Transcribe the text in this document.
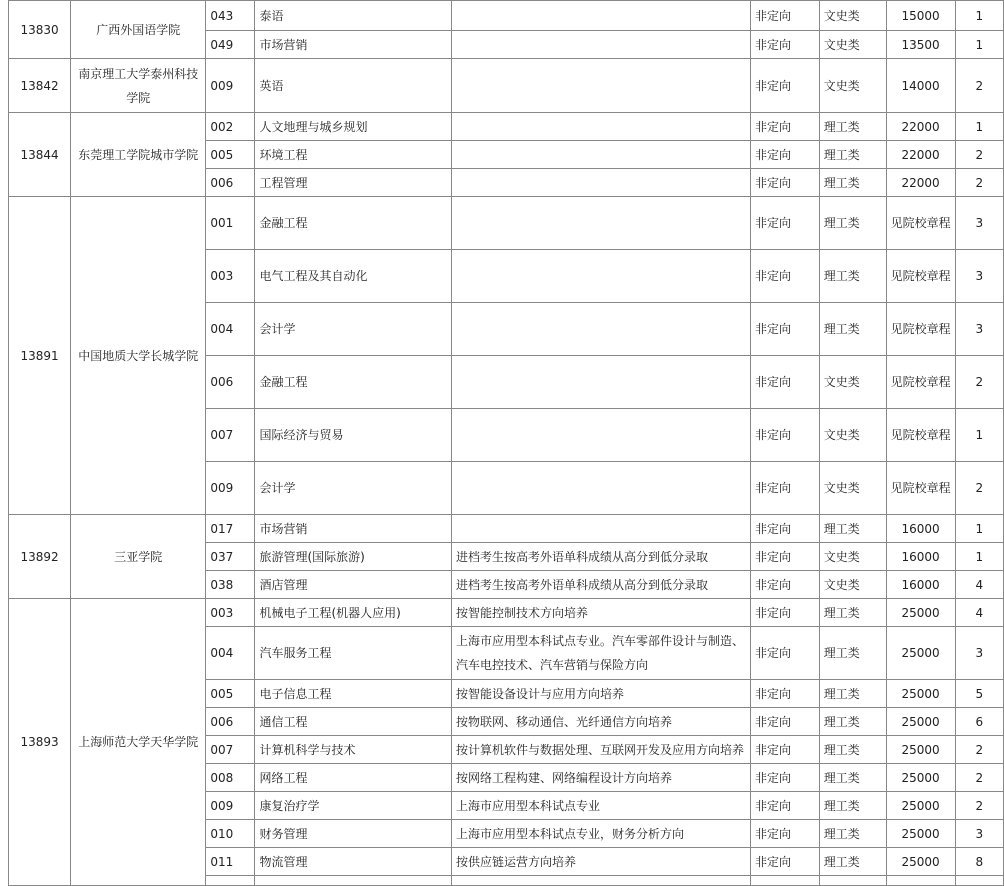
13830	广西外国语学院	043	泰语		非定向	文史类	15000	1
		049	市场营销		非定向	文史类	13500	1
13842	南京理工大学泰州科技学院	009	英语		非定向	文史类	14000	2
13844	东莞理工学院城市学院	002	人文地理与城乡规划		非定向	理工类	22000	1
		005	环境工程		非定向	理工类	22000	2
		006	工程管理		非定向	理工类	22000	2
13891	中国地质大学长城学院	001	金融工程		非定向	理工类	见院校章程	3
		003	电气工程及其自动化		非定向	理工类	见院校章程	3
		004	会计学		非定向	理工类	见院校章程	3
		006	金融工程		非定向	文史类	见院校章程	2
		007	国际经济与贸易		非定向	文史类	见院校章程	1
		009	会计学		非定向	文史类	见院校章程	2
13892	三亚学院	017	市场营销		非定向	理工类	16000	1
		037	旅游管理(国际旅游)	进档考生按高考外语单科成绩从高分到低分录取	非定向	文史类	16000	1
		038	酒店管理	进档考生按高考外语单科成绩从高分到低分录取	非定向	文史类	16000	4
13893	上海师范大学天华学院	003	机械电子工程(机器人应用)	按智能控制技术方向培养	非定向	理工类	25000	4
		004	汽车服务工程	上海市应用型本科试点专业。汽车零部件设计与制造、汽车电控技术、汽车营销与保险方向	非定向	理工类	25000	3
		005	电子信息工程	按智能设备设计与应用方向培养	非定向	理工类	25000	5
		006	通信工程	按物联网、移动通信、光纤通信方向培养	非定向	理工类	25000	6
		007	计算机科学与技术	按计算机软件与数据处理、互联网开发及应用方向培养	非定向	理工类	25000	2
		008	网络工程	按网络工程构建、网络编程设计方向培养	非定向	理工类	25000	2
		009	康复治疗学	上海市应用型本科试点专业	非定向	理工类	25000	2
		010	财务管理	上海市应用型本科试点专业，财务分析方向	非定向	理工类	25000	3
		011	物流管理	按供应链运营方向培养	非定向	理工类	25000	8
